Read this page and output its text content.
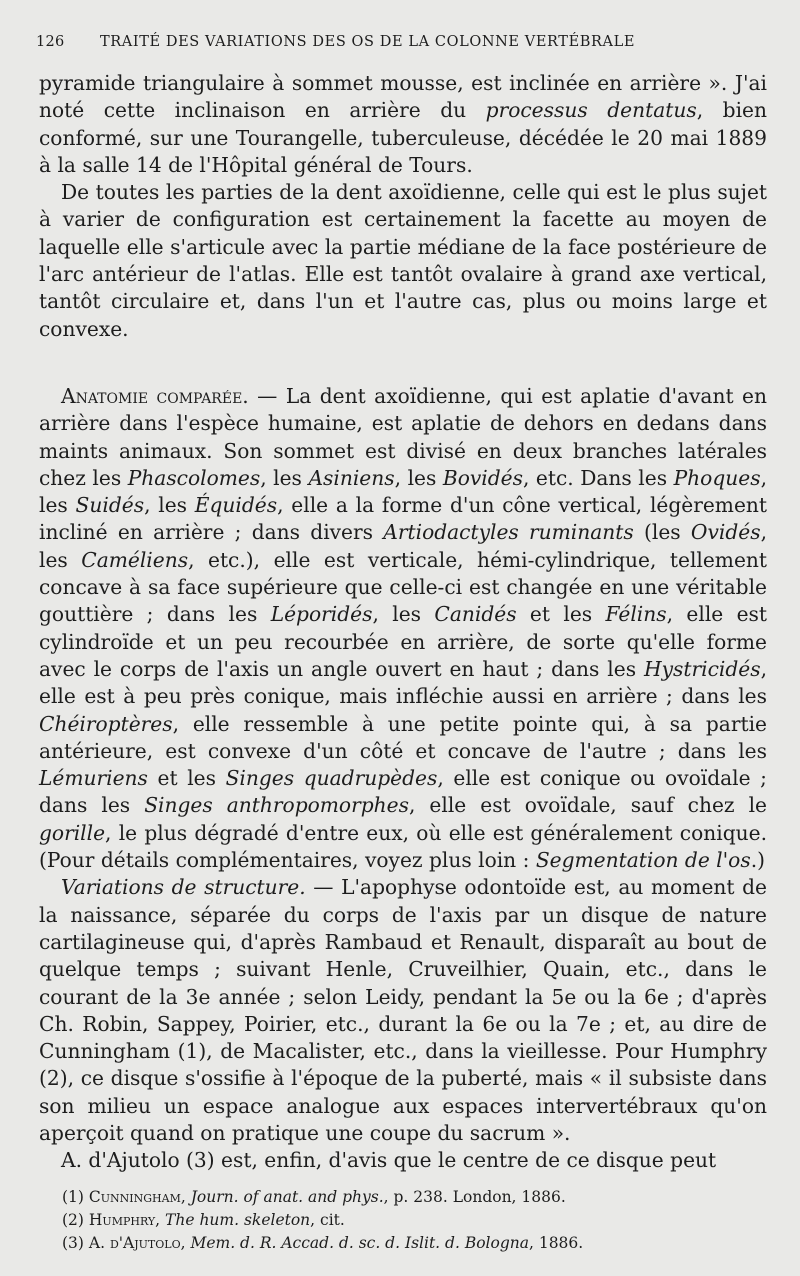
126 TRAITÉ DES VARIATIONS DES OS DE LA COLONNE VERTÉBRALE

pyramide triangulaire à sommet mousse, est inclinée en arrière ». J'ai noté cette inclinaison en arrière du processus dentatus, bien conformé, sur une Tourangelle, tuberculeuse, décédée le 20 mai 1889 à la salle 14 de l'Hôpital général de Tours.

De toutes les parties de la dent axoïdienne, celle qui est le plus sujet à varier de configuration est certainement la facette au moyen de laquelle elle s'articule avec la partie médiane de la face postérieure de l'arc antérieur de l'atlas. Elle est tantôt ovalaire à grand axe vertical, tantôt circulaire et, dans l'un et l'autre cas, plus ou moins large et convexe.

Anatomie comparée. — La dent axoïdienne, qui est aplatie d'avant en arrière dans l'espèce humaine, est aplatie de dehors en dedans dans maints animaux. Son sommet est divisé en deux branches latérales chez les Phascolomes, les Asiniens, les Bovidés, etc. Dans les Phoques, les Suidés, les Équidés, elle a la forme d'un cône vertical, légèrement incliné en arrière ; dans divers Artiodactyles ruminants (les Ovidés, les Caméliens, etc.), elle est verticale, hémi-cylindrique, tellement concave à sa face supérieure que celle-ci est changée en une véritable gouttière ; dans les Léporidés, les Canidés et les Félins, elle est cylindroïde et un peu recourbée en arrière, de sorte qu'elle forme avec le corps de l'axis un angle ouvert en haut ; dans les Hystricidés, elle est à peu près conique, mais infléchie aussi en arrière ; dans les Chéiroptères, elle ressemble à une petite pointe qui, à sa partie antérieure, est convexe d'un côté et concave de l'autre ; dans les Lémuriens et les Singes quadrupèdes, elle est conique ou ovoïdale ; dans les Singes anthropomorphes, elle est ovoïdale, sauf chez le gorille, le plus dégradé d'entre eux, où elle est généralement conique. (Pour détails complémentaires, voyez plus loin : Segmentation de l'os.)

Variations de structure. — L'apophyse odontoïde est, au moment de la naissance, séparée du corps de l'axis par un disque de nature cartilagineuse qui, d'après Rambaud et Renault, disparaît au bout de quelque temps ; suivant Henle, Cruveilhier, Quain, etc., dans le courant de la 3e année ; selon Leidy, pendant la 5e ou la 6e ; d'après Ch. Robin, Sappey, Poirier, etc., durant la 6e ou la 7e ; et, au dire de Cunningham (1), de Macalister, etc., dans la vieillesse. Pour Humphry (2), ce disque s'ossifie à l'époque de la puberté, mais « il subsiste dans son milieu un espace analogue aux espaces intervertébraux qu'on aperçoit quand on pratique une coupe du sacrum ».

A. d'Ajutolo (3) est, enfin, d'avis que le centre de ce disque peut

(1) Cunningham, Journ. of anat. and phys., p. 238. London, 1886.
(2) Humphry, The hum. skeleton, cit.
(3) A. d'Ajutolo, Mem. d. R. Accad. d. sc. d. Islit. d. Bologna, 1886.
